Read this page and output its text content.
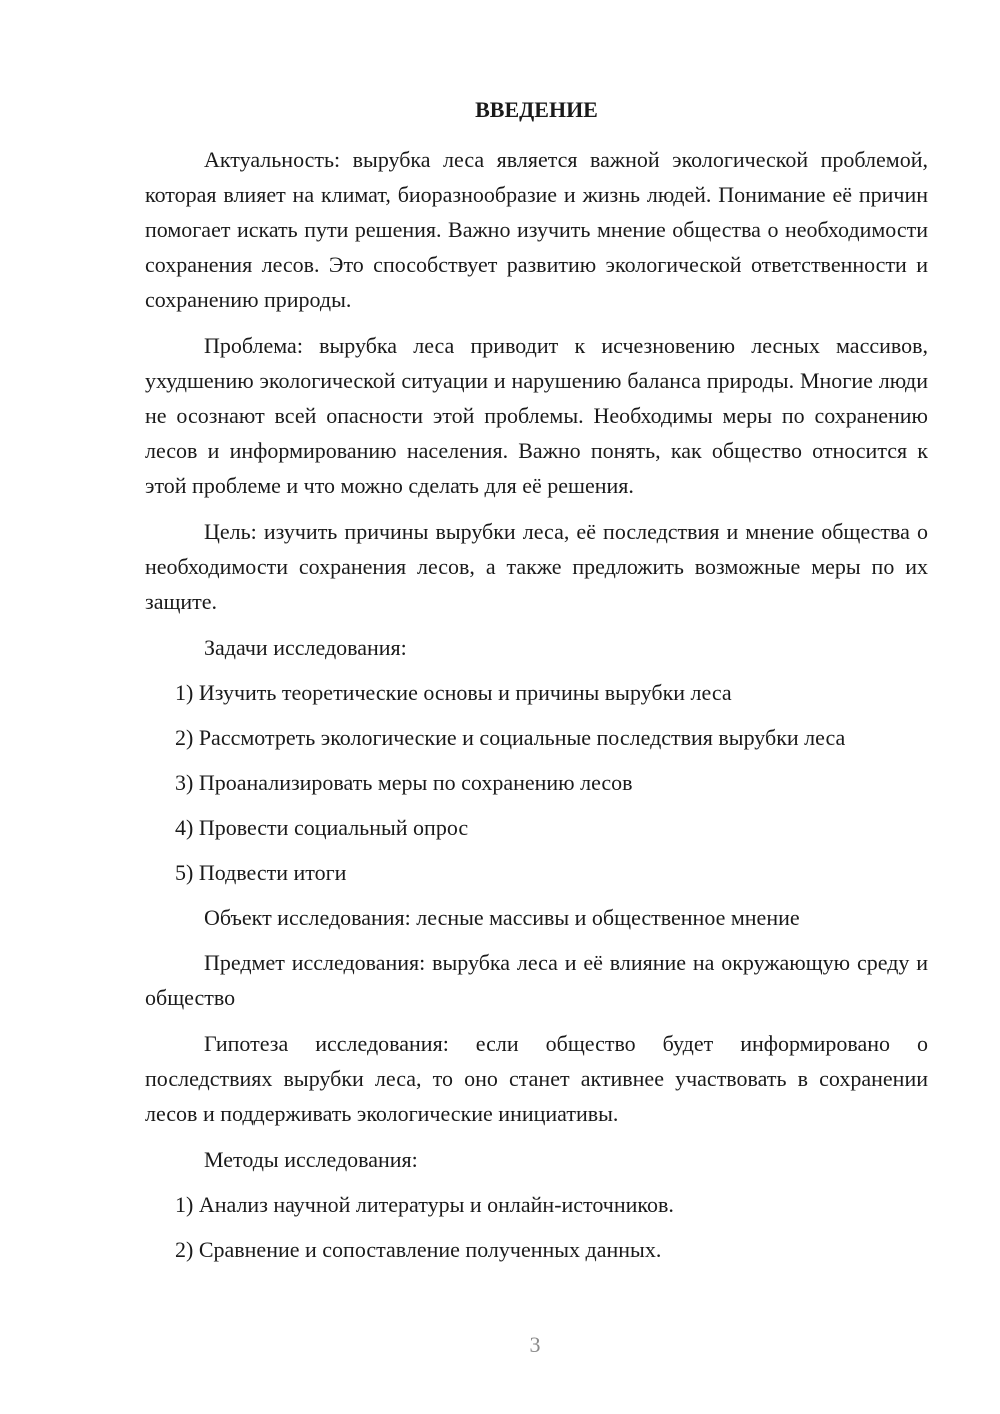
ВВЕДЕНИЕ

Актуальность: вырубка леса является важной экологической проблемой, которая влияет на климат, биоразнообразие и жизнь людей. Понимание её причин помогает искать пути решения. Важно изучить мнение общества о необходимости сохранения лесов. Это способствует развитию экологической ответственности и сохранению природы.

Проблема: вырубка леса приводит к исчезновению лесных массивов, ухудшению экологической ситуации и нарушению баланса природы. Многие люди не осознают всей опасности этой проблемы. Необходимы меры по сохранению лесов и информированию населения. Важно понять, как общество относится к этой проблеме и что можно сделать для её решения.

Цель: изучить причины вырубки леса, её последствия и мнение общества о необходимости сохранения лесов, а также предложить возможные меры по их защите.

Задачи исследования:

1) Изучить теоретические основы и причины вырубки леса
2) Рассмотреть экологические и социальные последствия вырубки леса
3) Проанализировать меры по сохранению лесов
4) Провести социальный опрос
5) Подвести итоги

Объект исследования: лесные массивы и общественное мнение

Предмет исследования: вырубка леса и её влияние на окружающую среду и общество

Гипотеза исследования: если общество будет информировано о последствиях вырубки леса, то оно станет активнее участвовать в сохранении лесов и поддерживать экологические инициативы.

Методы исследования:

1) Анализ научной литературы и онлайн-источников.
2) Сравнение и сопоставление полученных данных.
3
